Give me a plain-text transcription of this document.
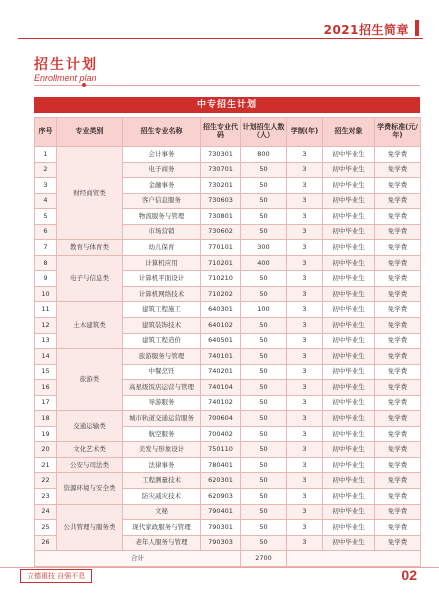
2021招生简章
招生计划
Enrollment plan
中专招生计划
序号	专业类别	招生专业名称	招生专业代码	计划招生人数（人）	学制(年)	招生对象	学费标准(元/年)
1	财经商贸类	会计事务	730301	800	3	初中毕业生	免学费
2		电子商务	730701	50	3	初中毕业生	免学费
3		金融事务	730201	50	3	初中毕业生	免学费
4		客户信息服务	730603	50	3	初中毕业生	免学费
5		物流服务与管理	730801	50	3	初中毕业生	免学费
6		市场营销	730602	50	3	初中毕业生	免学费
7	教育与体育类	幼儿保育	770101	300	3	初中毕业生	免学费
8	电子与信息类	计算机应用	710201	400	3	初中毕业生	免学费
9		计算机平面设计	710210	50	3	初中毕业生	免学费
10		计算机网络技术	710202	50	3	初中毕业生	免学费
11	土木建筑类	建筑工程施工	640301	100	3	初中毕业生	免学费
12		建筑装饰技术	640102	50	3	初中毕业生	免学费
13		建筑工程造价	640501	50	3	初中毕业生	免学费
14	旅游类	旅游服务与管理	740101	50	3	初中毕业生	免学费
15		中餐烹饪	740201	50	3	初中毕业生	免学费
16		高星级饭店运营与管理	740104	50	3	初中毕业生	免学费
17		导游服务	740102	50	3	初中毕业生	免学费
18	交通运输类	城市轨道交通运营服务	700604	50	3	初中毕业生	免学费
19		航空服务	700402	50	3	初中毕业生	免学费
20	文化艺术类	美发与形象设计	750110	50	3	初中毕业生	免学费
21	公安与司法类	法律事务	780401	50	3	初中毕业生	免学费
22	资源环境与安全类	工程测量技术	620301	50	3	初中毕业生	免学费
23		防灾减灾技术	620903	50	3	初中毕业生	免学费
24	公共管理与服务类	文秘	790401	50	3	初中毕业生	免学费
25		现代家政服务与管理	790301	50	3	初中毕业生	免学费
26		老年人服务与管理	790303	50	3	初中毕业生	免学费
合计				2700			
立德重技 自强不息	02
